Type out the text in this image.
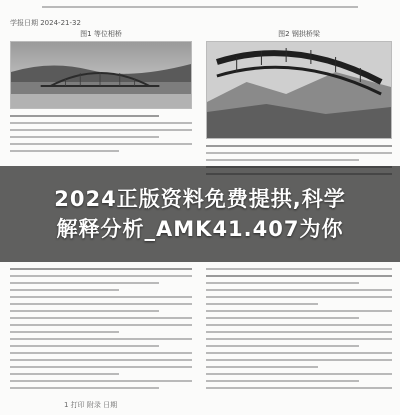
学报日期 2024-21-32
图1 等位相桥	图2 钢拱桥梁
2024正版资料免费提拱,科学
解释分析_AMK41.407为你
1 打印 附录 日期
